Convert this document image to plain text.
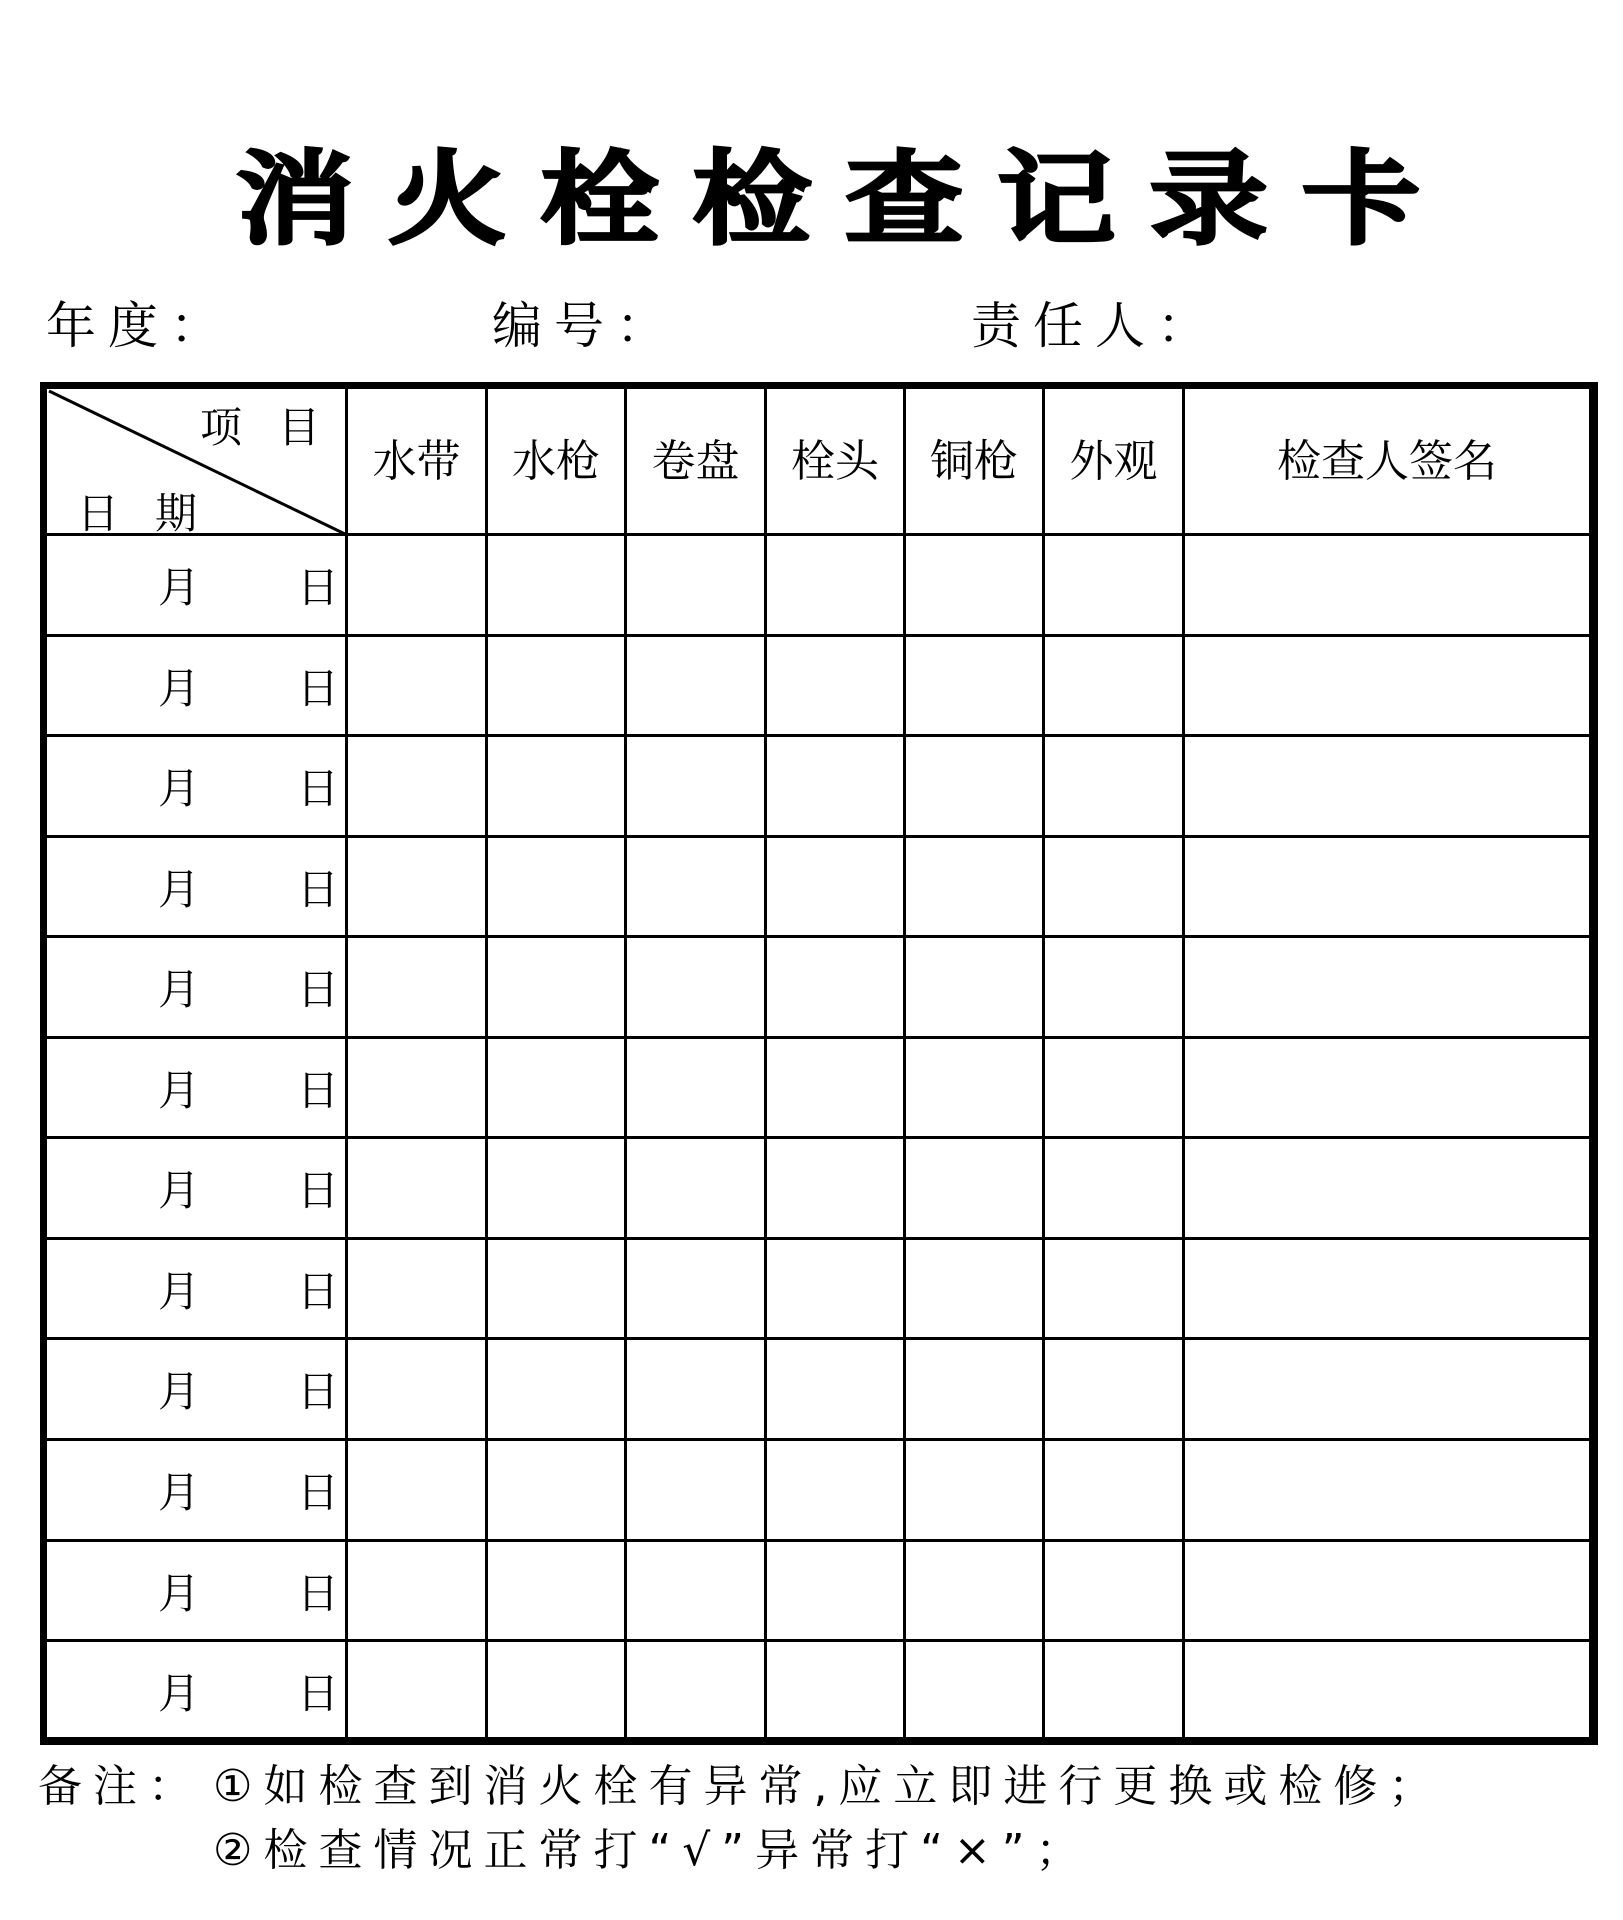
消 火 栓 检 查 记 录 卡
年度：	编号：	责任人：
项目
日期
水带	水枪	卷盘	栓头	铜枪	外观	检查人签名
月 日
月 日
月 日
月 日
月 日
月 日
月 日
月 日
月 日
月 日
月 日
月 日
备注： ①如检查到消火栓有异常,应立即进行更换或检修；
②检查情况正常打“√”异常打“×”；
